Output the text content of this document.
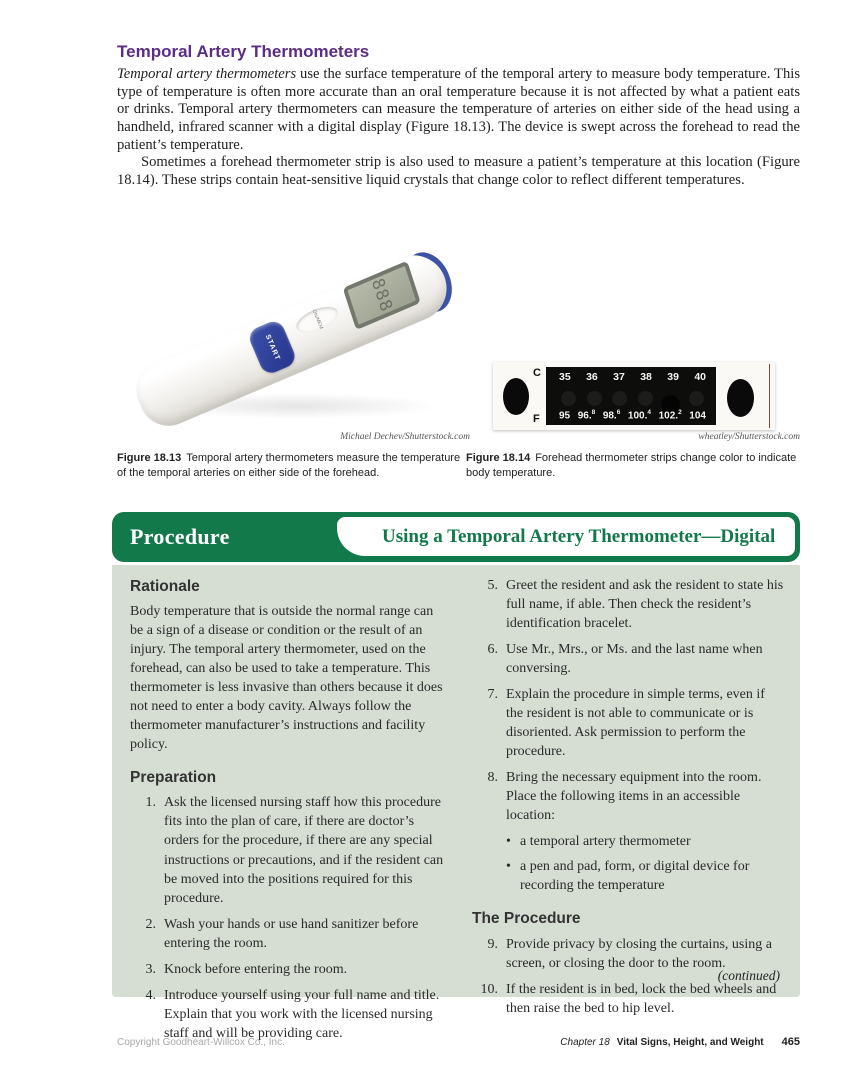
Temporal Artery Thermometers

Temporal artery thermometers use the surface temperature of the temporal artery to measure body temperature. This type of temperature is often more accurate than an oral temperature because it is not affected by what a patient eats or drinks. Temporal artery thermometers can measure the temperature of arteries on either side of the head using a handheld, infrared scanner with a digital display (Figure 18.13). The device is swept across the forehead to read the patient’s temperature.

Sometimes a forehead thermometer strip is also used to measure a patient’s temperature at this location (Figure 18.14). These strips contain heat-sensitive liquid crystals that change color to reflect different temperatures.

888
ON/MEM
START
Michael Dechev/Shutterstock.com
Figure 18.13 Temporal artery thermometers measure the temperature of the temporal arteries on either side of the forehead.
C
F
35 36 37 38 39 40
95 96.$^8$ 98.$^6$ 100.$^4$ 102.$^2$ 104
wheatley/Shutterstock.com
Figure 18.14 Forehead thermometer strips change color to indicate body temperature.
Procedure	Using a Temporal Artery Thermometer—Digital
Rationale

Body temperature that is outside the normal range can be a sign of a disease or condition or the result of an injury. The temporal artery thermometer, used on the forehead, can also be used to take a temperature. This thermometer is less invasive than others because it does not need to enter a body cavity. Always follow the thermometer manufacturer’s instructions and facility policy.

Preparation
1. Ask the licensed nursing staff how this procedure fits into the plan of care, if there are doctor’s orders for the procedure, if there are any special instructions or precautions, and if the resident can be moved into the positions required for this procedure.
2. Wash your hands or use hand sanitizer before entering the room.
3. Knock before entering the room.
4. Introduce yourself using your full name and title. Explain that you work with the licensed nursing staff and will be providing care.
5. Greet the resident and ask the resident to state his full name, if able. Then check the resident’s identification bracelet.
6. Use Mr., Mrs., or Ms. and the last name when conversing.
7. Explain the procedure in simple terms, even if the resident is not able to communicate or is disoriented. Ask permission to perform the procedure.
8. Bring the necessary equipment into the room. Place the following items in an accessible location:
• a temporal artery thermometer
• a pen and pad, form, or digital device for recording the temperature
The Procedure
9. Provide privacy by closing the curtains, using a screen, or closing the door to the room.
10. If the resident is in bed, lock the bed wheels and then raise the bed to hip level.
(continued)
Copyright Goodheart-Willcox Co., Inc.	Chapter 18 Vital Signs, Height, and Weight 465
